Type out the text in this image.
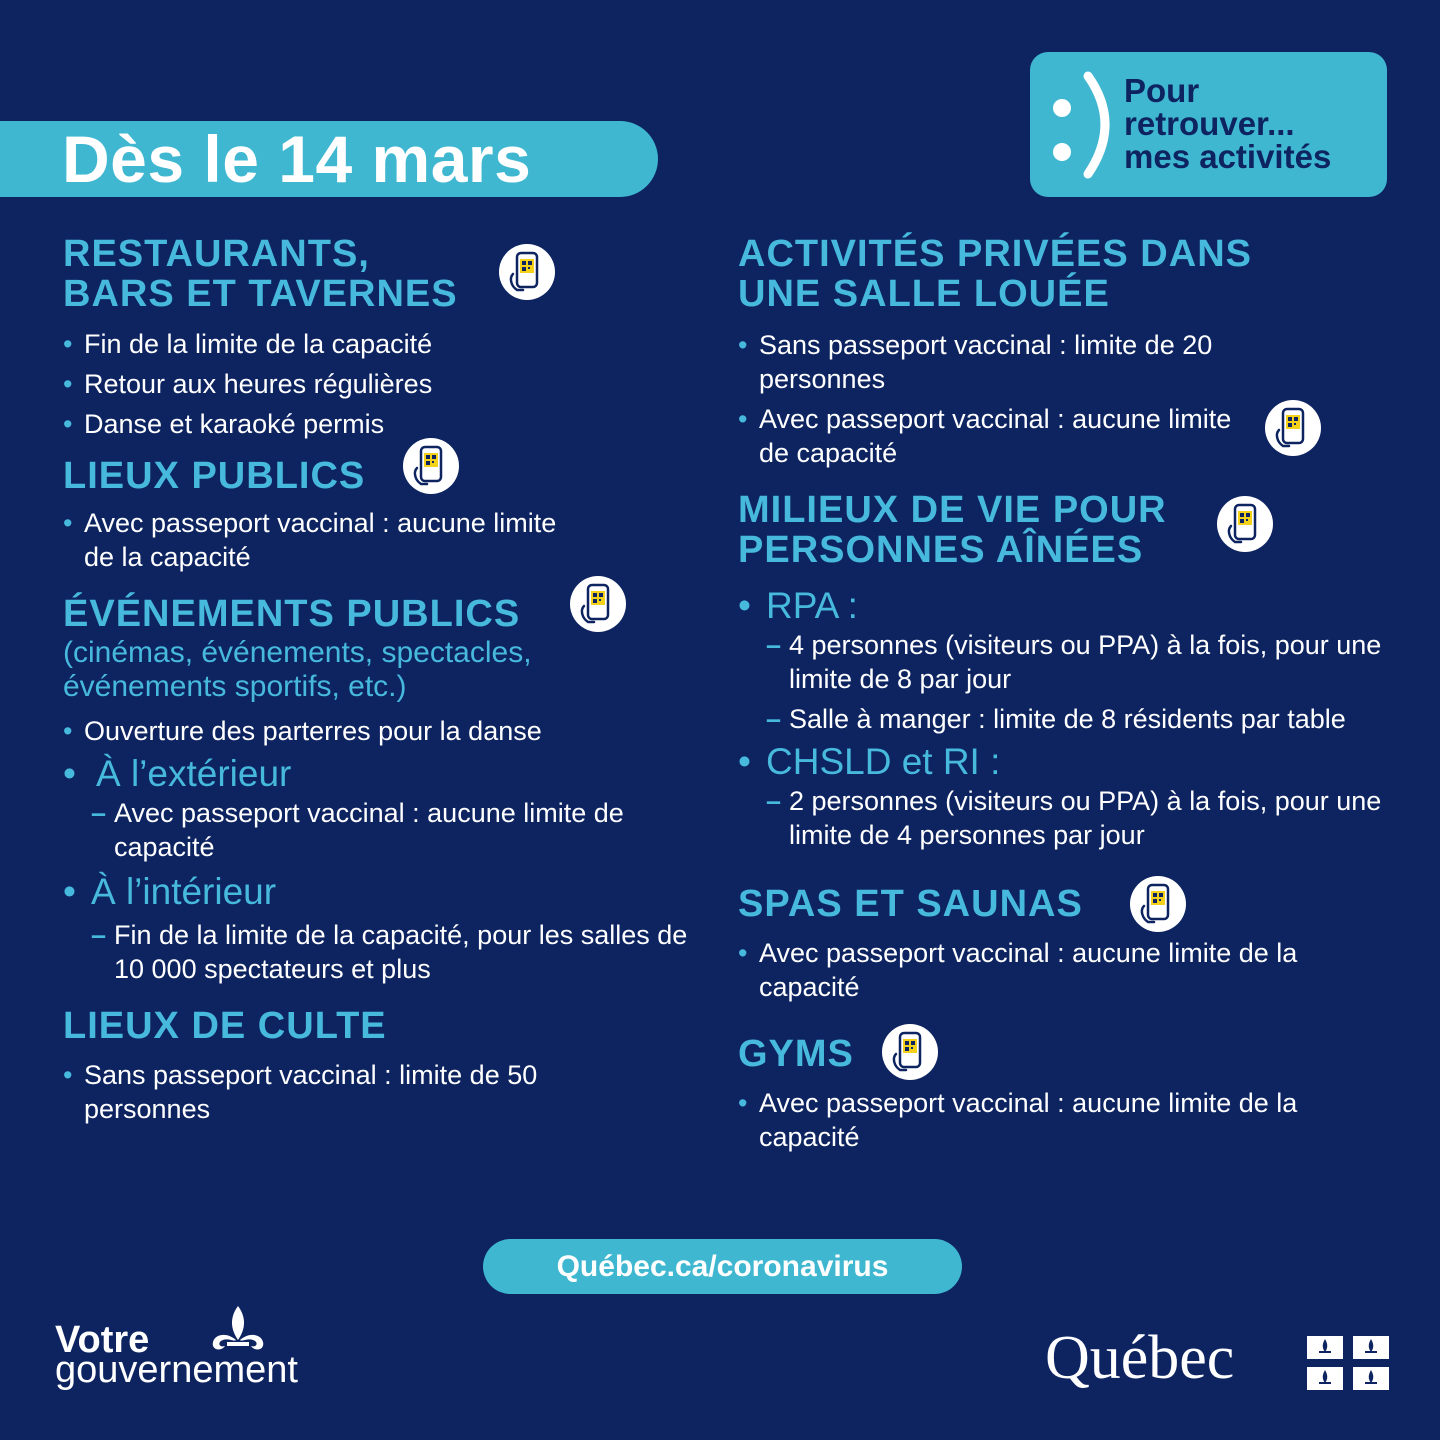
Dès le 14 mars
Pour
retrouver...
mes activités
RESTAURANTS,
BARS ET TAVERNES
• Fin de la limite de la capacité
• Retour aux heures régulières
• Danse et karaoké permis
LIEUX PUBLICS
• Avec passeport vaccinal : aucune limite de la capacité
ÉVÉNEMENTS PUBLICS
(cinémas, événements, spectacles, événements sportifs, etc.)
• Ouverture des parterres pour la danse
• À l’extérieur
– Avec passeport vaccinal : aucune limite de capacité
• À l’intérieur
– Fin de la limite de la capacité, pour les salles de 10 000 spectateurs et plus
LIEUX DE CULTE
• Sans passeport vaccinal : limite de 50 personnes
ACTIVITÉS PRIVÉES DANS
UNE SALLE LOUÉE
• Sans passeport vaccinal : limite de 20 personnes
• Avec passeport vaccinal : aucune limite de capacité
MILIEUX DE VIE POUR
PERSONNES AÎNÉES
• RPA :
– 4 personnes (visiteurs ou PPA) à la fois, pour une limite de 8 par jour
– Salle à manger : limite de 8 résidents par table
• CHSLD et RI :
– 2 personnes (visiteurs ou PPA) à la fois, pour une limite de 4 personnes par jour
SPAS ET SAUNAS
• Avec passeport vaccinal : aucune limite de la capacité
GYMS
• Avec passeport vaccinal : aucune limite de la capacité
Québec.ca/coronavirus
Votre
gouvernement	Québec
